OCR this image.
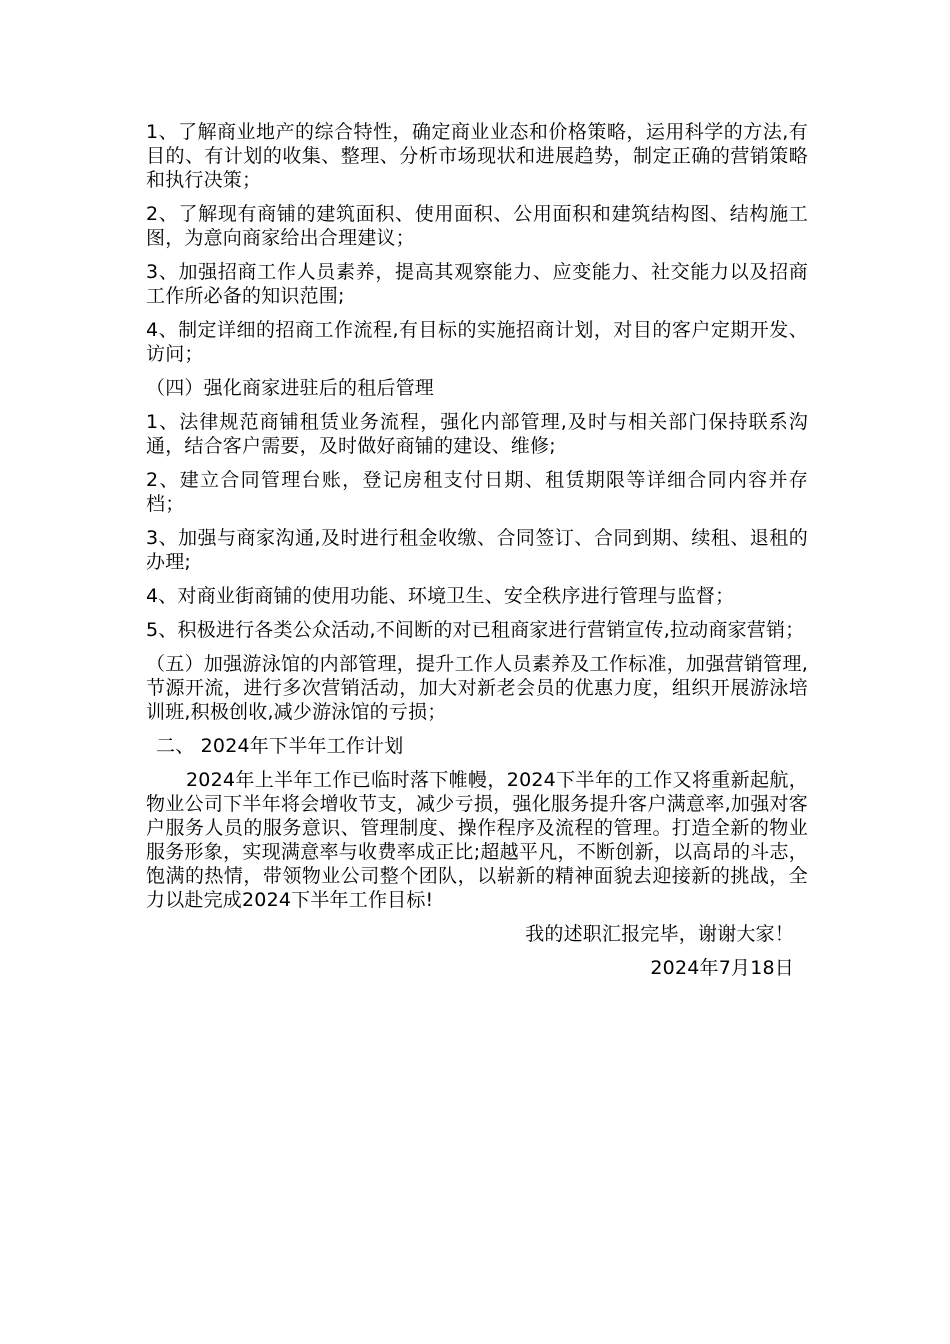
1、了解商业地产的综合特性，确定商业业态和价格策略，运用科学的方法,有目的、有计划的收集、整理、分析市场现状和进展趋势，制定正确的营销策略和执行决策；

2、了解现有商铺的建筑面积、使用面积、公用面积和建筑结构图、结构施工图，为意向商家给出合理建议；

3、加强招商工作人员素养，提高其观察能力、应变能力、社交能力以及招商工作所必备的知识范围;

4、制定详细的招商工作流程,有目标的实施招商计划，对目的客户定期开发、访问；

（四）强化商家进驻后的租后管理

1、法律规范商铺租赁业务流程，强化内部管理,及时与相关部门保持联系沟通，结合客户需要，及时做好商铺的建设、维修;

2、建立合同管理台账，登记房租支付日期、租赁期限等详细合同内容并存档；

3、加强与商家沟通,及时进行租金收缴、合同签订、合同到期、续租、退租的办理;

4、对商业街商铺的使用功能、环境卫生、安全秩序进行管理与监督；

5、积极进行各类公众活动,不间断的对已租商家进行营销宣传,拉动商家营销；

（五）加强游泳馆的内部管理，提升工作人员素养及工作标准，加强营销管理,节源开流，进行多次营销活动，加大对新老会员的优惠力度，组织开展游泳培训班,积极创收,减少游泳馆的亏损；

二、 2024年下半年工作计划

2024年上半年工作已临时落下帷幔，2024下半年的工作又将重新起航，物业公司下半年将会增收节支，减少亏损，强化服务提升客户满意率,加强对客户服务人员的服务意识、管理制度、操作程序及流程的管理。打造全新的物业服务形象，实现满意率与收费率成正比;超越平凡，不断创新，以高昂的斗志，饱满的热情，带领物业公司整个团队，以崭新的精神面貌去迎接新的挑战，全力以赴完成2024下半年工作目标!

我的述职汇报完毕，谢谢大家！

2024年7月18日
